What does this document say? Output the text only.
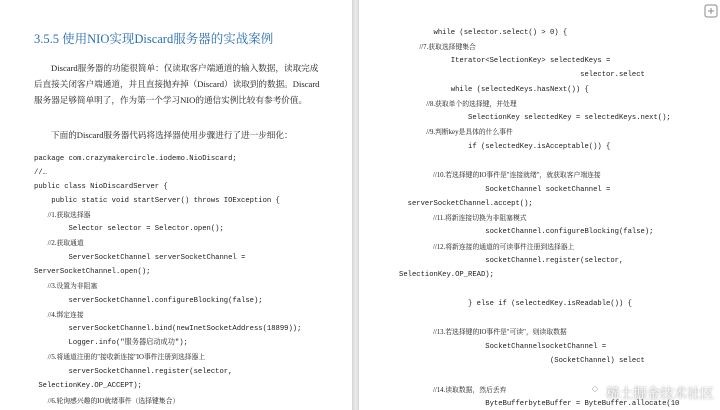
3.5.5 使用NIO实现Discard服务器的实战案例
Discard服务器的功能很简单：仅读取客户端通道的输入数据，读取完成后直接关闭客户端通道，并且直接抛弃掉（Discard）读取到的数据。Discard服务器足够简单明了，作为第一个学习NIO的通信实例比较有参考价值。
下面的Discard服务器代码将选择器使用步骤进行了进一步细化：
package com.crazymakercircle.iodemo.NioDiscard;
//…
public class NioDiscardServer {
public static void startServer() throws IOException {
//1.获取选择器
Selector selector = Selector.open();
//2.获取通道
ServerSocketChannel serverSocketChannel =
ServerSocketChannel.open();
//3.设置为非阻塞
serverSocketChannel.configureBlocking(false);
//4.绑定连接
serverSocketChannel.bind(newInetSocketAddress(18899));
Logger.info("服务器启动成功");
//5.将通道注册的"接收新连接"IO事件注册到选择器上
serverSocketChannel.register(selector,
SelectionKey.OP_ACCEPT);
//6.轮询感兴趣的IO就绪事件（选择键集合）
while (selector.select() > 0) {
//7.获取选择键集合
Iterator<SelectionKey> selectedKeys =
selector.select
while (selectedKeys.hasNext()) {
//8.获取单个的选择键，并处理
SelectionKey selectedKey = selectedKeys.next();
//9.判断key是具体的什么事件
if (selectedKey.isAcceptable()) {
//10.若选择键的IO事件是"连接就绪"，就获取客户端连接
SocketChannel socketChannel =
serverSocketChannel.accept();
//11.将新连接切换为非阻塞模式
socketChannel.configureBlocking(false);
//12.将新连接的通道的可读事件注册到选择器上
socketChannel.register(selector,
SelectionKey.OP_READ);
} else if (selectedKey.isReadable()) {
//13.若选择键的IO事件是"可读"，则读取数据
SocketChannelsocketChannel =
(SocketChannel) select
//14.读取数据，然后丢弃
ByteBufferbyteBuffer = ByteBuffer.allocate(10
稀土掘金技术社区
